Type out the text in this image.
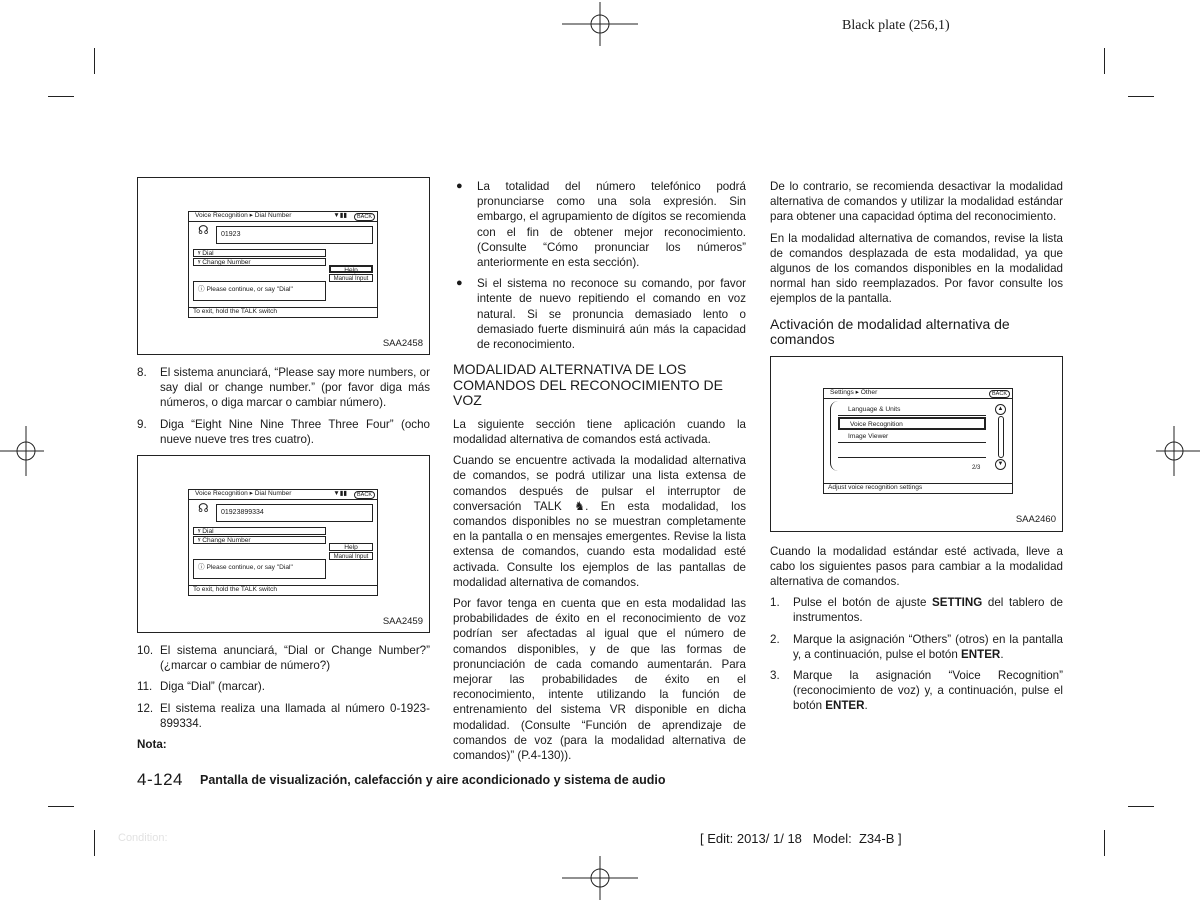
Black plate (256,1)
Voice Recognition ▸ Dial Number	▼▮▮	BACK
01923
☊
ᵞ Dial
ᵞ Change Number
Help
Manual Input
ⓘ Please continue, or say "Dial"
To exit, hold the TALK switch
SAA2458
8. El sistema anunciará, “Please say more numbers, or say dial or change number.” (por favor diga más números, o diga marcar o cambiar número).
9. Diga “Eight Nine Nine Three Three Four” (ocho nueve nueve tres tres cuatro).
Voice Recognition ▸ Dial Number	▼▮▮	BACK
01923899334
☊
ᵞ Dial
ᵞ Change Number
Help
Manual Input
ⓘ Please continue, or say "Dial"
To exit, hold the TALK switch
SAA2459
10. El sistema anunciará, “Dial or Change Number?” (¿marcar o cambiar de número?)
11. Diga “Dial” (marcar).
12. El sistema realiza una llamada al número 0-1923-899334.
Nota:
● La totalidad del número telefónico podrá pronunciarse como una sola expresión. Sin embargo, el agrupamiento de dígitos se recomienda con el fin de obtener mejor reconocimiento. (Consulte “Cómo pronunciar los números” anteriormente en esta sección).
● Si el sistema no reconoce su comando, por favor intente de nuevo repitiendo el comando en voz natural. Si se pronuncia demasiado lento o demasiado fuerte disminuirá aún más la capacidad de reconocimiento.
MODALIDAD ALTERNATIVA DE LOS COMANDOS DEL RECONOCIMIENTO DE VOZ

La siguiente sección tiene aplicación cuando la modalidad alternativa de comandos está activada.

Cuando se encuentre activada la modalidad alternativa de comandos, se podrá utilizar una lista extensa de comandos después de pulsar el interruptor de conversación TALK ♞. En esta modalidad, los comandos disponibles no se muestran completamente en la pantalla o en mensajes emergentes. Revise la lista extensa de comandos, cuando esta modalidad esté activada. Consulte los ejemplos de las pantallas de modalidad alternativa de comandos.

Por favor tenga en cuenta que en esta modalidad las probabilidades de éxito en el reconocimiento de voz podrían ser afectadas al igual que el número de comandos disponibles, y de que las formas de pronunciación de cada comando aumentarán. Para mejorar las probabilidades de éxito en el reconocimiento, intente utilizando la función de entrenamiento del sistema VR disponible en dicha modalidad. (Consulte “Función de aprendizaje de comandos de voz (para la modalidad alternativa de comandos)” (P.4-130)).

De lo contrario, se recomienda desactivar la modalidad alternativa de comandos y utilizar la modalidad estándar para obtener una capacidad óptima del reconocimiento.

En la modalidad alternativa de comandos, revise la lista de comandos desplazada de esta modalidad, ya que algunos de los comandos disponibles en la modalidad normal han sido reemplazados. Por favor consulte los ejemplos de la pantalla.

Activación de modalidad alternativa de comandos
Settings ▸ Other	BACK
Language & Units
Voice Recognition
Image Viewer
2/3
▲
▼
Adjust voice recognition settings
SAA2460

Cuando la modalidad estándar esté activada, lleve a cabo los siguientes pasos para cambiar a la modalidad alternativa de comandos.

1. Pulse el botón de ajuste SETTING del tablero de instrumentos.
2. Marque la asignación “Others” (otros) en la pantalla y, a continuación, pulse el botón ENTER.
3. Marque la asignación “Voice Recognition” (reconocimiento de voz) y, a continuación, pulse el botón ENTER.
4-124 Pantalla de visualización, calefacción y aire acondicionado y sistema de audio
Condition:	[ Edit: 2013/ 1/ 18   Model:  Z34-B ]
